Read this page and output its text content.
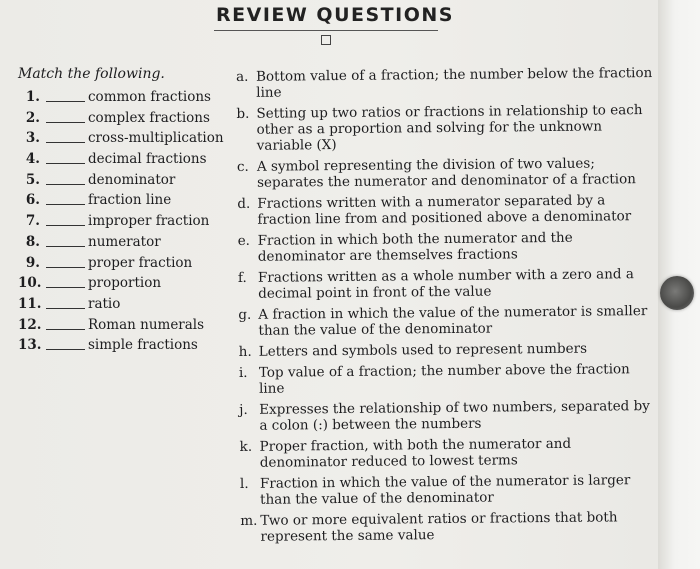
REVIEW QUESTIONS
Match the following.
1.	common fractions
2.	complex fractions
3.	cross-multiplication
4.	decimal fractions
5.	denominator
6.	fraction line
7.	improper fraction
8.	numerator
9.	proper fraction
10.	proportion
11.	ratio
12.	Roman numerals
13.	simple fractions
a. Bottom value of a fraction; the number below the fraction line
b. Setting up two ratios or fractions in relationship to each other as a proportion and solving for the unknown variable (X)
c. A symbol representing the division of two values; separates the numerator and denominator of a fraction
d. Fractions written with a numerator separated by a fraction line from and positioned above a denominator
e. Fraction in which both the numerator and the denominator are themselves fractions
f. Fractions written as a whole number with a zero and a decimal point in front of the value
g. A fraction in which the value of the numerator is smaller than the value of the denominator
h. Letters and symbols used to represent numbers
i. Top value of a fraction; the number above the fraction line
j. Expresses the relationship of two numbers, separated by a colon (:) between the numbers
k. Proper fraction, with both the numerator and denominator reduced to lowest terms
l. Fraction in which the value of the numerator is larger than the value of the denominator
m. Two or more equivalent ratios or fractions that both represent the same value
